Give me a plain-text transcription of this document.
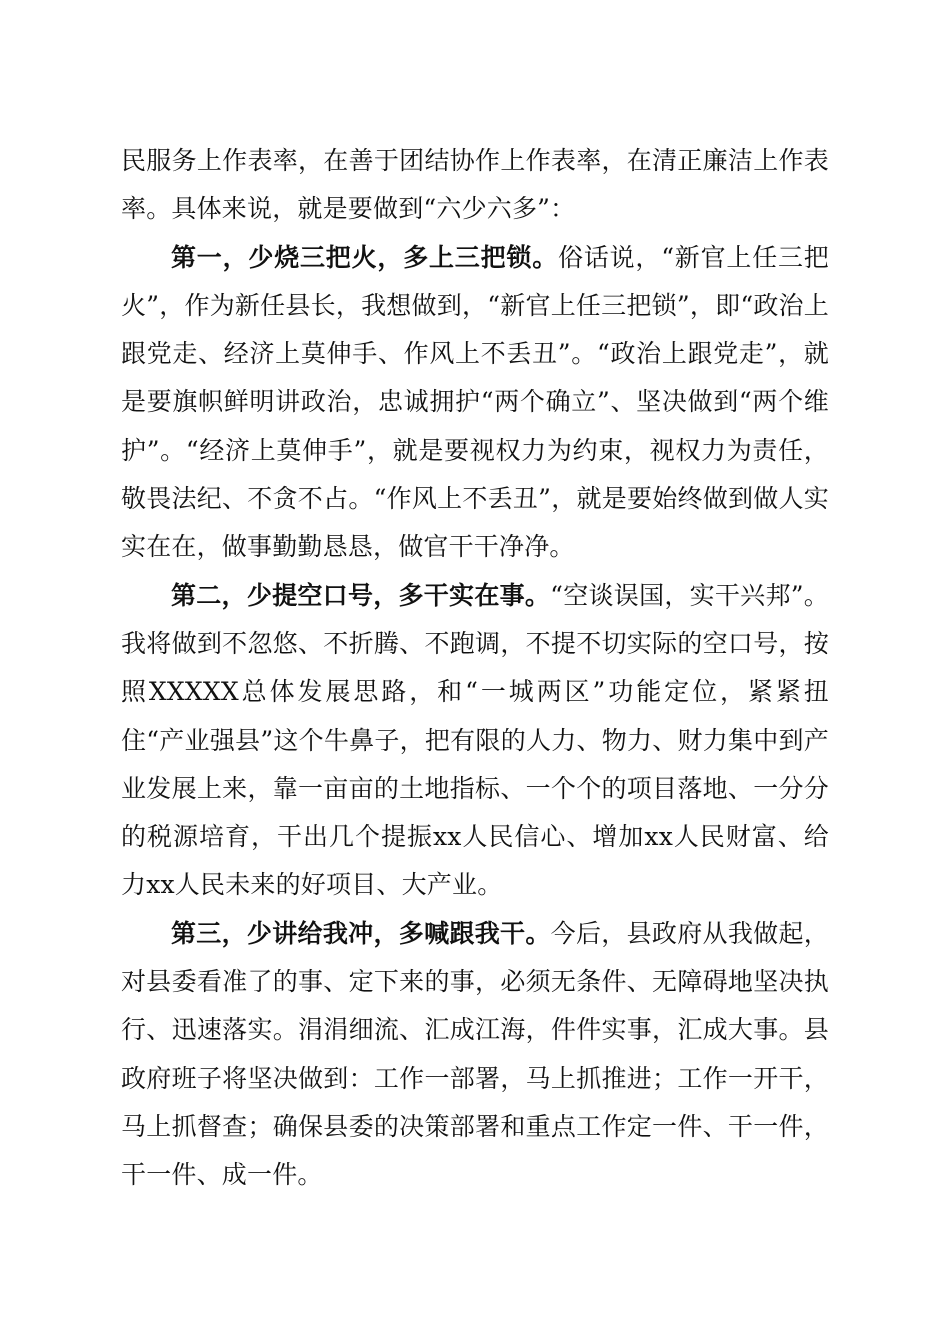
民服务上作表率，在善于团结协作上作表率，在清正廉洁上作表率。具体来说，就是要做到“六少六多”：

第一，少烧三把火，多上三把锁。俗话说，“新官上任三把火”，作为新任县长，我想做到，“新官上任三把锁”，即“政治上跟党走、经济上莫伸手、作风上不丢丑”。“政治上跟党走”，就是要旗帜鲜明讲政治，忠诚拥护“两个确立”、坚决做到“两个维护”。“经济上莫伸手”，就是要视权力为约束，视权力为责任，敬畏法纪、不贪不占。“作风上不丢丑”，就是要始终做到做人实实在在，做事勤勤恳恳，做官干干净净。

第二，少提空口号，多干实在事。“空谈误国，实干兴邦”。我将做到不忽悠、不折腾、不跑调，不提不切实际的空口号，按照XXXXX总体发展思路，和“一城两区”功能定位，紧紧扭住“产业强县”这个牛鼻子，把有限的人力、物力、财力集中到产业发展上来，靠一亩亩的土地指标、一个个的项目落地、一分分的税源培育，干出几个提振xx人民信心、增加xx人民财富、给力xx人民未来的好项目、大产业。

第三，少讲给我冲，多喊跟我干。今后，县政府从我做起，对县委看准了的事、定下来的事，必须无条件、无障碍地坚决执行、迅速落实。涓涓细流、汇成江海，件件实事，汇成大事。县政府班子将坚决做到：工作一部署，马上抓推进；工作一开干，马上抓督查；确保县委的决策部署和重点工作定一件、干一件，干一件、成一件。
